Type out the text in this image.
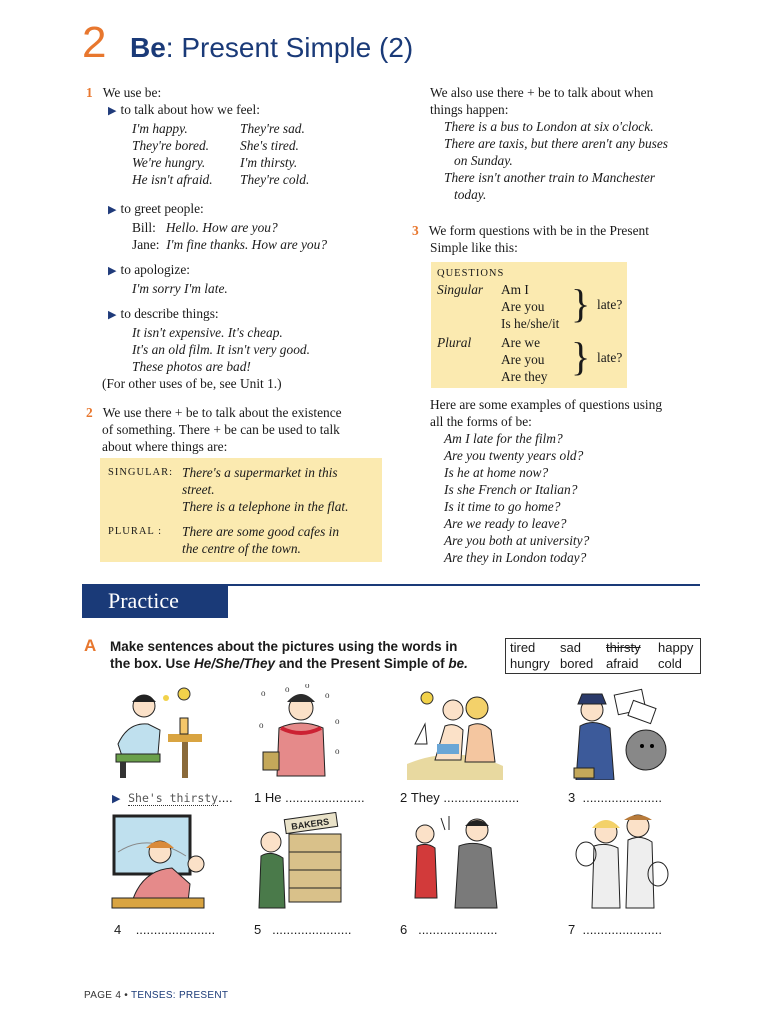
2 Be: Present Simple (2)
1 We use be:
▶ to talk about how we feel:
I'm happy.	They're sad.
They're bored.	She's tired.
We're hungry.	I'm thirsty.
He isn't afraid.	They're cold.
▶ to greet people:
Bill: Hello. How are you?
Jane: I'm fine thanks. How are you?
▶ to apologize:
I'm sorry I'm late.
▶ to describe things:
It isn't expensive. It's cheap.
It's an old film. It isn't very good.
These photos are bad!
(For other uses of be, see Unit 1.)
2 We use there + be to talk about the existence
of something. There + be can be used to talk
about where things are:
SINGULAR: There's a supermarket in this
street.
There is a telephone in the flat.
PLURAL :	There are some good cafes in
the centre of the town.
We also use there + be to talk about when
things happen:
There is a bus to London at six o'clock.
There are taxis, but there aren't any buses
on Sunday.
There isn't another train to Manchester
today.
3 We form questions with be in the Present
Simple like this:
QUESTIONS
Singular	Am I
Are you
Is he/she/it } late?
Plural	Are we
Are you
Are they } late?
Here are some examples of questions using
all the forms of be:
Am I late for the film?
Are you twenty years old?
Is he at home now?
Is she French or Italian?
Is it time to go home?
Are we ready to leave?
Are you both at university?
Are they in London today?
Practice
A Make sentences about the pictures using the words in
the box. Use He/She/They and the Present Simple of be.
tired	sad	thirsty	happy
hungry bored afraid	cold
o o
o
o
o
o
o
▶ She's thirsty.... 1 He ......................	2 They .....................	3 ......................
BAKERS
4 ......................	5 ......................	6 ......................	7 ......................
PAGE 4 • TENSES: PRESENT
